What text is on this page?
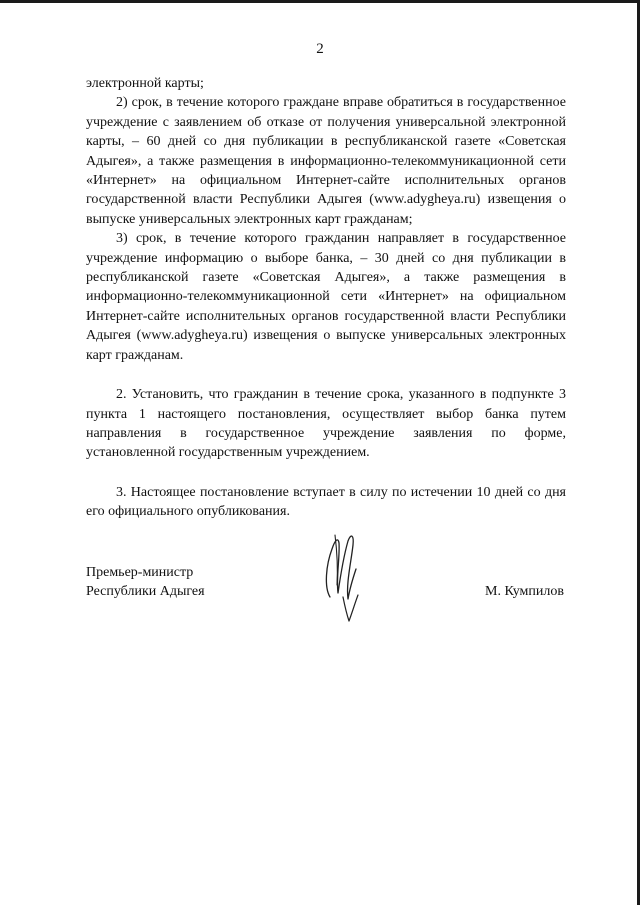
2

электронной карты;

2) срок, в течение которого граждане вправе обратиться в государственное учреждение с заявлением об отказе от получения универсальной электронной карты, – 60 дней со дня публикации в республиканской газете «Советская Адыгея», а также размещения в информационно-телекоммуникационной сети «Интернет» на официальном Интернет-сайте исполнительных органов государственной власти Республики Адыгея (www.adygheya.ru) извещения о выпуске универсальных электронных карт гражданам;

3) срок, в течение которого гражданин направляет в государственное учреждение информацию о выборе банка, – 30 дней со дня публикации в республиканской газете «Советская Адыгея», а также размещения в информационно-телекоммуникационной сети «Интернет» на официальном Интернет-сайте исполнительных органов государственной власти Республики Адыгея (www.adygheya.ru) извещения о выпуске универсальных электронных карт гражданам.

2. Установить, что гражданин в течение срока, указанного в подпункте 3 пункта 1 настоящего постановления, осуществляет выбор банка путем направления в государственное учреждение заявления по форме, установленной государственным учреждением.

3. Настоящее постановление вступает в силу по истечении 10 дней со дня его официального опубликования.

Премьер-министр
Республики Адыгея	М. Кумпилов
